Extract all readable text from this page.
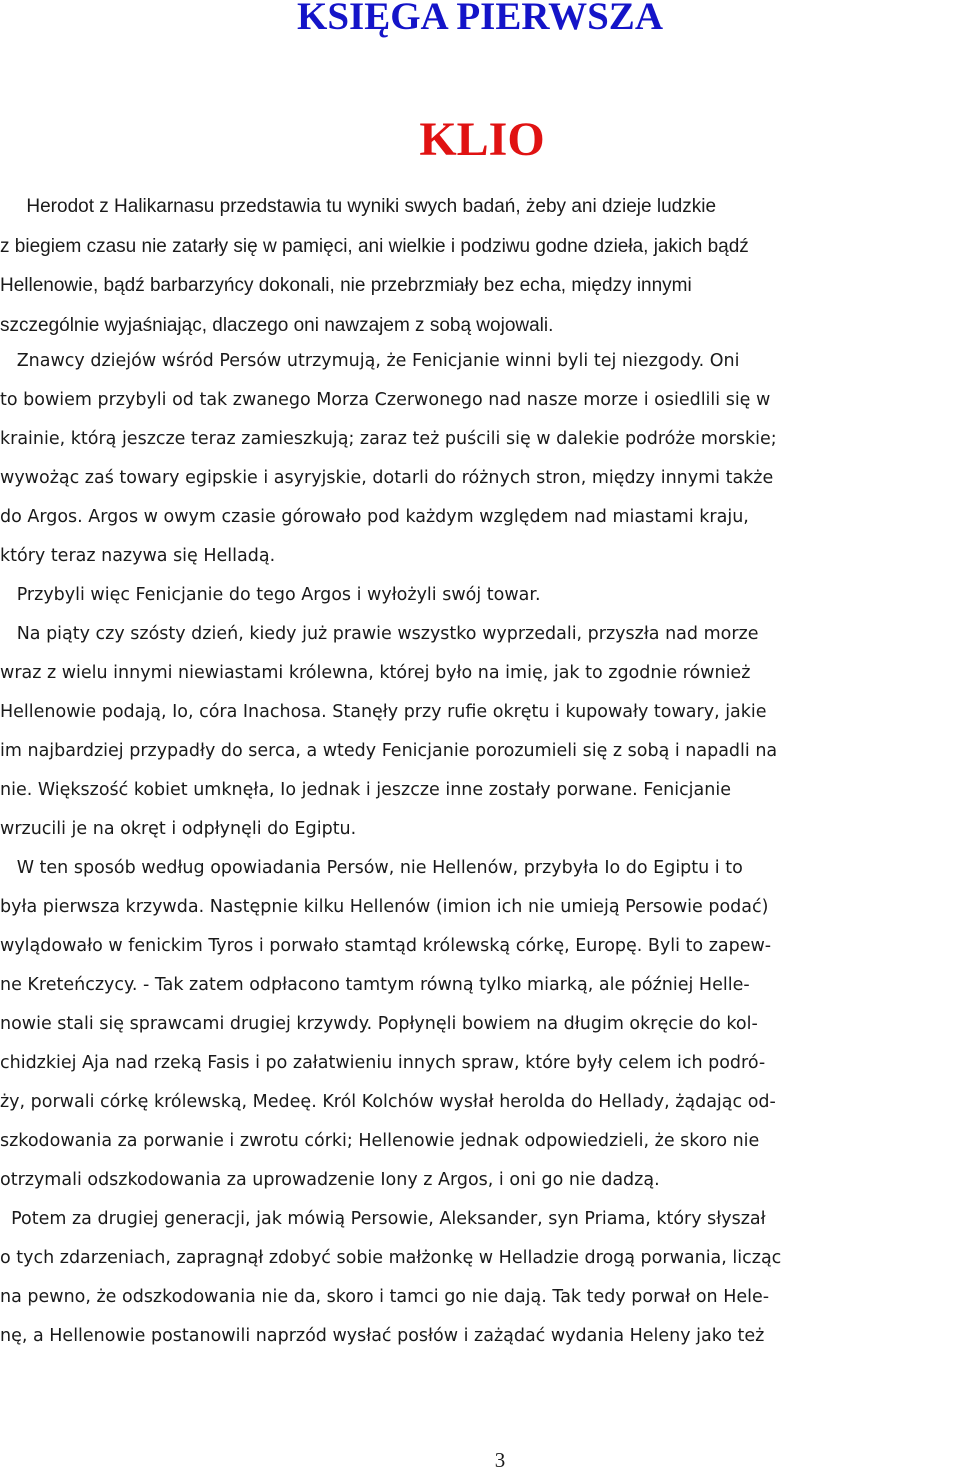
KSIĘGA PIERWSZA
KLIO
Herodot z Halikarnasu przedstawia tu wyniki swych badań, żeby ani dzieje ludzkie
z biegiem czasu nie zatarły się w pamięci, ani wielkie i podziwu godne dzieła, jakich bądź
Hellenowie, bądź barbarzyńcy dokonali, nie przebrzmiały bez echa, między innymi
szczególnie wyjaśniając, dlaczego oni nawzajem z sobą wojowali.
Znawcy dziejów wśród Persów utrzymują, że Fenicjanie winni byli tej niezgody. Oni
to bowiem przybyli od tak zwanego Morza Czerwonego nad nasze morze i osiedlili się w
krainie, którą jeszcze teraz zamieszkują; zaraz też puścili się w dalekie podróże morskie;
wywożąc zaś towary egipskie i asyryjskie, dotarli do różnych stron, między innymi także
do Argos. Argos w owym czasie górowało pod każdym względem nad miastami kraju,
który teraz nazywa się Helladą.
Przybyli więc Fenicjanie do tego Argos i wyłożyli swój towar.
Na piąty czy szósty dzień, kiedy już prawie wszystko wyprzedali, przyszła nad morze
wraz z wielu innymi niewiastami królewna, której było na imię, jak to zgodnie również
Hellenowie podają, Io, córa Inachosa. Stanęły przy rufie okrętu i kupowały towary, jakie
im najbardziej przypadły do serca, a wtedy Fenicjanie porozumieli się z sobą i napadli na
nie. Większość kobiet umknęła, Io jednak i jeszcze inne zostały porwane. Fenicjanie
wrzucili je na okręt i odpłynęli do Egiptu.
W ten sposób według opowiadania Persów, nie Hellenów, przybyła Io do Egiptu i to
była pierwsza krzywda. Następnie kilku Hellenów (imion ich nie umieją Persowie podać)
wylądowało w fenickim Tyros i porwało stamtąd królewską córkę, Europę. Byli to zapew-
ne Kreteńczycy. - Tak zatem odpłacono tamtym równą tylko miarką, ale później Helle-
nowie stali się sprawcami drugiej krzywdy. Popłynęli bowiem na długim okręcie do kol-
chidzkiej Aja nad rzeką Fasis i po załatwieniu innych spraw, które były celem ich podró-
ży, porwali córkę królewską, Medeę. Król Kolchów wysłał herolda do Hellady, żądając od-
szkodowania za porwanie i zwrotu córki; Hellenowie jednak odpowiedzieli, że skoro nie
otrzymali odszkodowania za uprowadzenie Iony z Argos, i oni go nie dadzą.
Potem za drugiej generacji, jak mówią Persowie, Aleksander, syn Priama, który słyszał
o tych zdarzeniach, zapragnął zdobyć sobie małżonkę w Helladzie drogą porwania, licząc
na pewno, że odszkodowania nie da, skoro i tamci go nie dają. Tak tedy porwał on Hele-
nę, a Hellenowie postanowili naprzód wysłać posłów i zażądać wydania Heleny jako też
3
